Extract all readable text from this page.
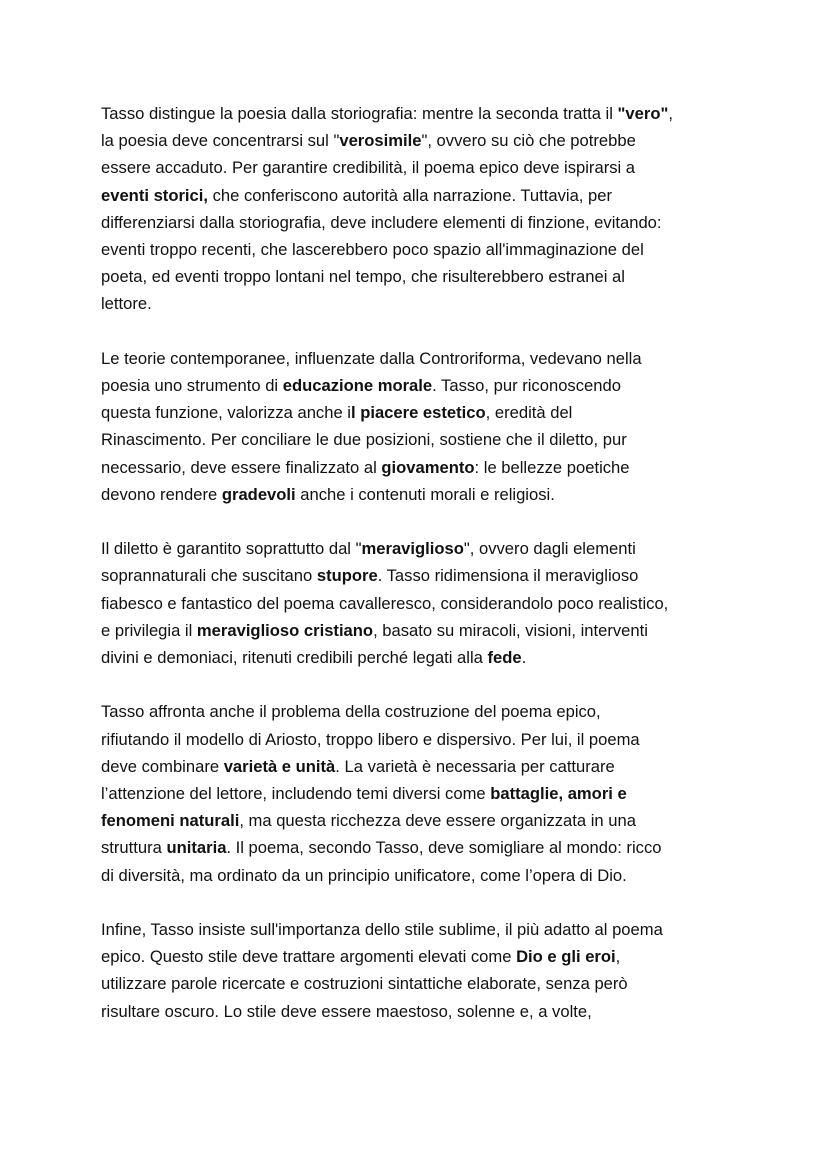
Tasso distingue la poesia dalla storiografia: mentre la seconda tratta il "vero",
la poesia deve concentrarsi sul "verosimile", ovvero su ciò che potrebbe
essere accaduto. Per garantire credibilità, il poema epico deve ispirarsi a
eventi storici, che conferiscono autorità alla narrazione. Tuttavia, per
differenziarsi dalla storiografia, deve includere elementi di finzione, evitando:
eventi troppo recenti, che lascerebbero poco spazio all'immaginazione del
poeta, ed eventi troppo lontani nel tempo, che risulterebbero estranei al
lettore.

Le teorie contemporanee, influenzate dalla Controriforma, vedevano nella
poesia uno strumento di educazione morale. Tasso, pur riconoscendo
questa funzione, valorizza anche il piacere estetico, eredità del
Rinascimento. Per conciliare le due posizioni, sostiene che il diletto, pur
necessario, deve essere finalizzato al giovamento: le bellezze poetiche
devono rendere gradevoli anche i contenuti morali e religiosi.

Il diletto è garantito soprattutto dal "meraviglioso", ovvero dagli elementi
soprannaturali che suscitano stupore. Tasso ridimensiona il meraviglioso
fiabesco e fantastico del poema cavalleresco, considerandolo poco realistico,
e privilegia il meraviglioso cristiano, basato su miracoli, visioni, interventi
divini e demoniaci, ritenuti credibili perché legati alla fede.

Tasso affronta anche il problema della costruzione del poema epico,
rifiutando il modello di Ariosto, troppo libero e dispersivo. Per lui, il poema
deve combinare varietà e unità. La varietà è necessaria per catturare
l’attenzione del lettore, includendo temi diversi come battaglie, amori e
fenomeni naturali, ma questa ricchezza deve essere organizzata in una
struttura unitaria. Il poema, secondo Tasso, deve somigliare al mondo: ricco
di diversità, ma ordinato da un principio unificatore, come l’opera di Dio.

Infine, Tasso insiste sull'importanza dello stile sublime, il più adatto al poema
epico. Questo stile deve trattare argomenti elevati come Dio e gli eroi,
utilizzare parole ricercate e costruzioni sintattiche elaborate, senza però
risultare oscuro. Lo stile deve essere maestoso, solenne e, a volte,
